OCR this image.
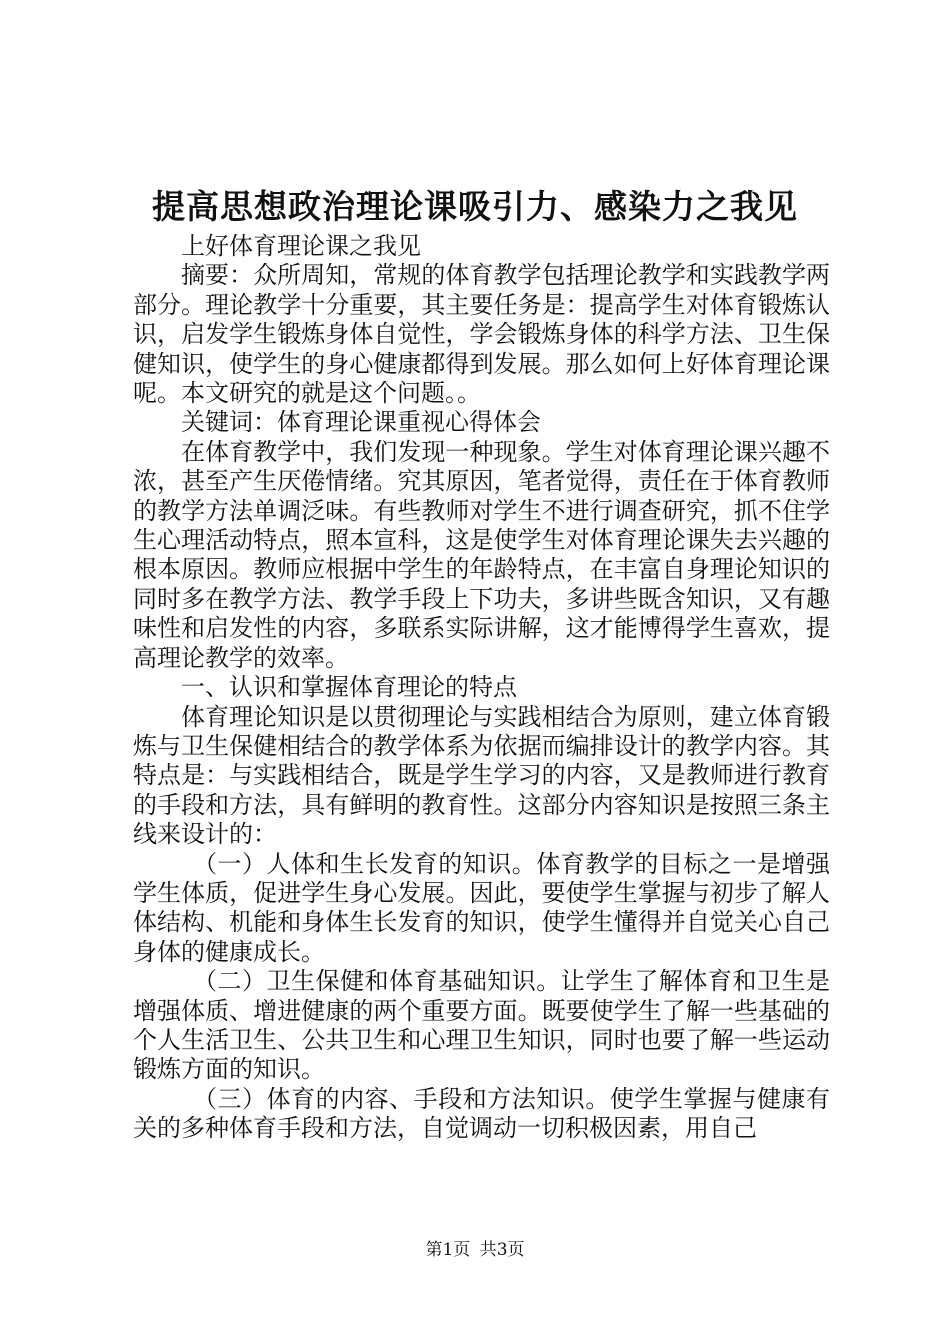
提高思想政治理论课吸引力、感染力之我见

上好体育理论课之我见

摘要：众所周知，常规的体育教学包括理论教学和实践教学两部分。理论教学十分重要，其主要任务是：提高学生对体育锻炼认识，启发学生锻炼身体自觉性，学会锻炼身体的科学方法、卫生保健知识，使学生的身心健康都得到发展。那么如何上好体育理论课呢。本文研究的就是这个问题。。

关键词：体育理论课重视心得体会

在体育教学中，我们发现一种现象。学生对体育理论课兴趣不浓，甚至产生厌倦情绪。究其原因，笔者觉得，责任在于体育教师的教学方法单调泛味。有些教师对学生不进行调查研究，抓不住学生心理活动特点，照本宣科，这是使学生对体育理论课失去兴趣的根本原因。教师应根据中学生的年龄特点，在丰富自身理论知识的同时多在教学方法、教学手段上下功夫，多讲些既含知识，又有趣味性和启发性的内容，多联系实际讲解，这才能博得学生喜欢，提高理论教学的效率。

一、认识和掌握体育理论的特点

体育理论知识是以贯彻理论与实践相结合为原则，建立体育锻炼与卫生保健相结合的教学体系为依据而编排设计的教学内容。其特点是：与实践相结合，既是学生学习的内容，又是教师进行教育的手段和方法，具有鲜明的教育性。这部分内容知识是按照三条主线来设计的：

（一）人体和生长发育的知识。体育教学的目标之一是增强学生体质，促进学生身心发展。因此，要使学生掌握与初步了解人体结构、机能和身体生长发育的知识，使学生懂得并自觉关心自己身体的健康成长。

（二）卫生保健和体育基础知识。让学生了解体育和卫生是增强体质、增进健康的两个重要方面。既要使学生了解一些基础的个人生活卫生、公共卫生和心理卫生知识，同时也要了解一些运动锻炼方面的知识。

（三）体育的内容、手段和方法知识。使学生掌握与健康有关的多种体育手段和方法，自觉调动一切积极因素，用自己

第1页 共3页
